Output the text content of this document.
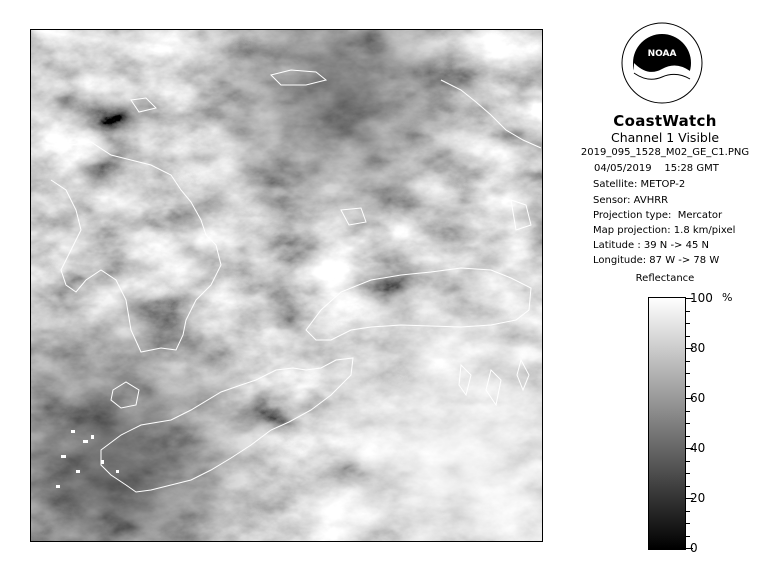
NOAA
CoastWatch
Channel 1 Visible
2019_095_1528_M02_GE_C1.PNG
04/05/2019    15:28 GMT
Satellite: METOP-2
Sensor: AVHRR
Projection type:  Mercator
Map projection: 1.8 km/pixel
Latitude : 39 N -> 45 N
Longitude: 87 W -> 78 W
Reflectance
%
100
80
60
40
20
0
